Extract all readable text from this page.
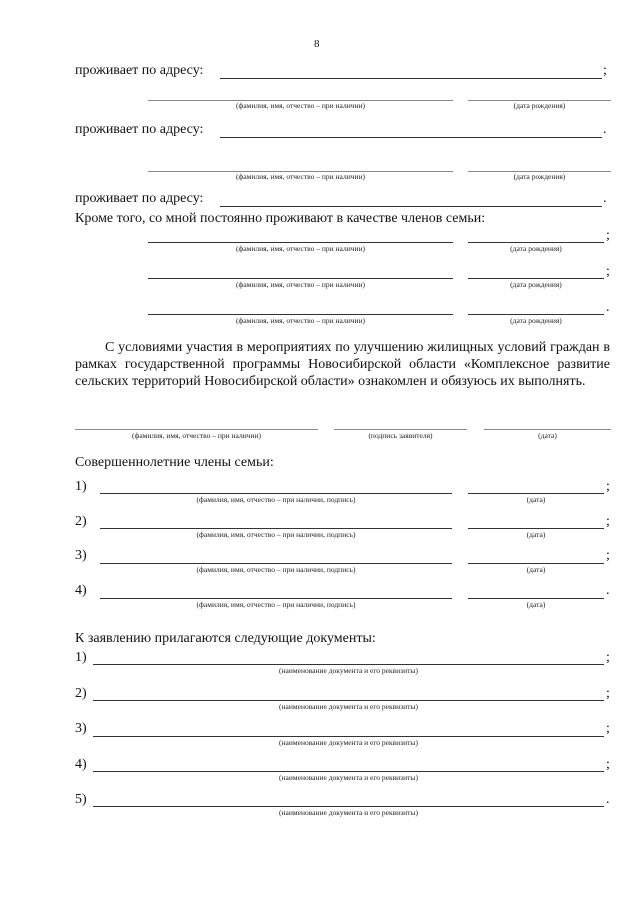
8
проживает по адресу:	;
(фамилия, имя, отчество – при наличии)	(дата рождения)
проживает по адресу:	.
(фамилия, имя, отчество – при наличии)	(дата рождения)
проживает по адресу:	.
Кроме того, со мной постоянно проживают в качестве членов семьи:
(фамилия, имя, отчество – при наличии)	(дата рождения)
;
(фамилия, имя, отчество – при наличии)	(дата рождения)
;
(фамилия, имя, отчество – при наличии)	(дата рождения)
.
С условиями участия в мероприятиях по улучшению жилищных условий граждан в рамках государственной программы Новосибирской области «Комплексное развитие сельских территорий Новосибирской области» ознакомлен и обязуюсь их выполнять.
(фамилия, имя, отчество – при наличии)	(подпись заявителя)	(дата)
Совершеннолетние члены семьи:
1)
(фамилия, имя, отчество – при наличии, подпись)	(дата)
;
2)
(фамилия, имя, отчество – при наличии, подпись)	(дата)
;
3)
(фамилия, имя, отчество – при наличии, подпись)	(дата)
;
4)
(фамилия, имя, отчество – при наличии, подпись)	(дата)
.
К заявлению прилагаются следующие документы:
1)
(наименование документа и его реквизиты)
;
2)
(наименование документа и его реквизиты)
;
3)
(наименование документа и его реквизиты)
;
4)
(наименование документа и его реквизиты)
;
5)
(наименование документа и его реквизиты)
.
